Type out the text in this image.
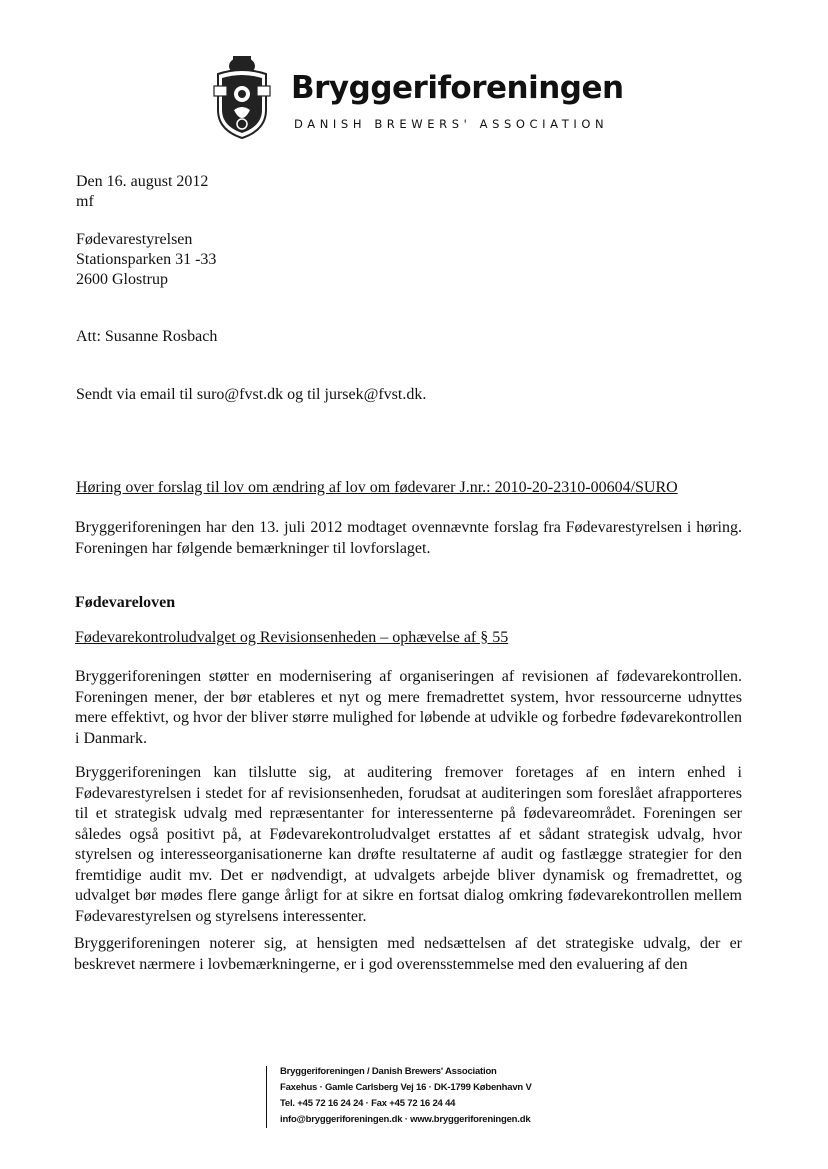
Bryggeriforeningen
DANISH BREWERS' ASSOCIATION
Den 16. august 2012
mf
Fødevarestyrelsen
Stationsparken 31 -33
2600 Glostrup
Att: Susanne Rosbach
Sendt via email til suro@fvst.dk og til jursek@fvst.dk.
Høring over forslag til lov om ændring af lov om fødevarer J.nr.: 2010-20-2310-00604/SURO
Bryggeriforeningen har den 13. juli 2012 modtaget ovennævnte forslag fra Fødevarestyrelsen i høring. Foreningen har følgende bemærkninger til lovforslaget.
Fødevareloven
Fødevarekontroludvalget og Revisionsenheden – ophævelse af § 55
Bryggeriforeningen støtter en modernisering af organiseringen af revisionen af fødevarekontrollen. Foreningen mener, der bør etableres et nyt og mere fremadrettet system, hvor ressourcerne udnyttes mere effektivt, og hvor der bliver større mulighed for løbende at udvikle og forbedre fødevarekontrollen i Danmark.
Bryggeriforeningen kan tilslutte sig, at auditering fremover foretages af en intern enhed i Fødevarestyrelsen i stedet for af revisionsenheden, forudsat at auditeringen som foreslået afrapporteres til et strategisk udvalg med repræsentanter for interessenterne på fødevareområdet. Foreningen ser således også positivt på, at Fødevarekontroludvalget erstattes af et sådant strategisk udvalg, hvor styrelsen og interesseorganisationerne kan drøfte resultaterne af audit og fastlægge strategier for den fremtidige audit mv. Det er nødvendigt, at udvalgets arbejde bliver dynamisk og fremadrettet, og udvalget bør mødes flere gange årligt for at sikre en fortsat dialog omkring fødevarekontrollen mellem Fødevarestyrelsen og styrelsens interessenter.
Bryggeriforeningen noterer sig, at hensigten med nedsættelsen af det strategiske udvalg, der er beskrevet nærmere i lovbemærkningerne, er i god overensstemmelse med den evaluering af den
Bryggeriforeningen / Danish Brewers' Association
Faxehus · Gamle Carlsberg Vej 16 · DK-1799 København V
Tel. +45 72 16 24 24 · Fax +45 72 16 24 44
info@bryggeriforeningen.dk · www.bryggeriforeningen.dk
